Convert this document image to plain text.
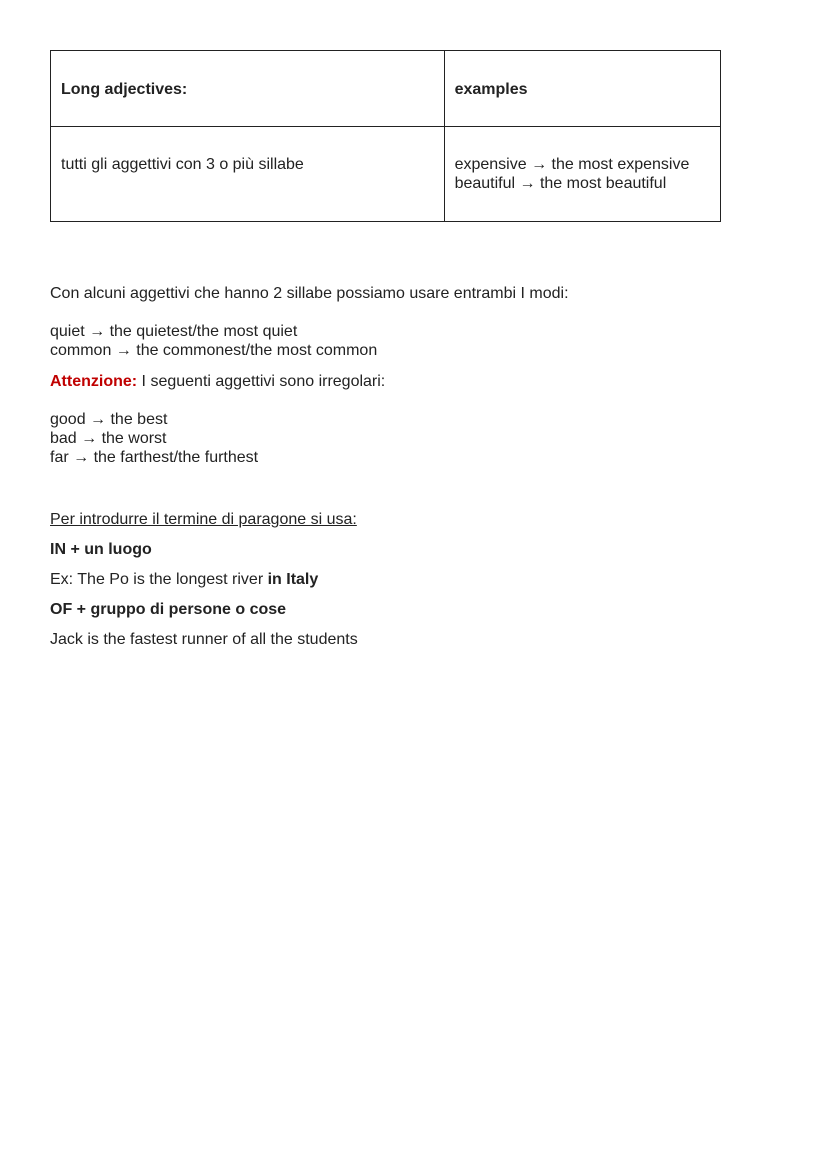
Long adjectives:	examples

tutti gli aggettivi con 3 o più sillabe	expensive → the most expensive
beautiful → the most beautiful
Con alcuni aggettivi che hanno 2 sillabe possiamo usare entrambi I modi:
quiet → the quietest/the most quiet
common → the commonest/the most common
Attenzione: I seguenti aggettivi sono irregolari:
good → the best
bad → the worst
far → the farthest/the furthest
Per introdurre il termine di paragone si usa:
IN + un luogo
Ex: The Po is the longest river in Italy
OF + gruppo di persone o cose
Jack is the fastest runner of all the students
